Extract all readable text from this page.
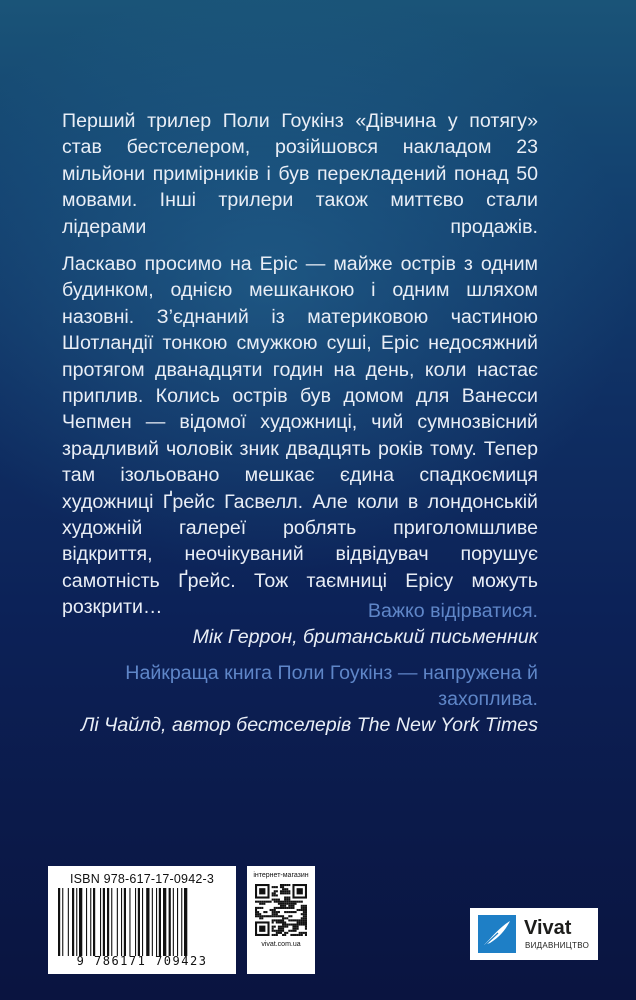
Перший трилер Поли Гоукінз «Дівчина у потягу» став бестселером, розійшовся накладом 23 мільйони примірників і був перекладений понад 50 мовами. Інші трилери також миттєво стали лідерами продажів.

Ласкаво просимо на Еріс — майже острів з одним будинком, однією мешканкою і одним шляхом назовні. З’єднаний із материковою частиною Шотландії тонкою смужкою суші, Еріс недосяжний протягом дванадцяти годин на день, коли настає приплив. Колись острів був домом для Ванесси Чепмен — відомої художниці, чий сумнозвісний зрадливий чоловік зник двадцять років тому. Тепер там ізольовано мешкає єдина спадкоємиця художниці Ґрейс Гасвелл. Але коли в лондонській художній галереї роблять приголомшливе відкриття, неочікуваний відвідувач порушує самотність Ґрейс. Тож таємниці Ерісу можуть розкрити…	Важко відірватися.
Мік Геррон, британський письменник
Найкраща книга Поли Гоукінз — напружена й захоплива.
Лі Чайлд, автор бестселерів The New York Times
ISBN 978-617-17-0942-3
9 786171 709423
інтернет-магазин
vivat.com.ua
Vivat
ВИДАВНИЦТВО
